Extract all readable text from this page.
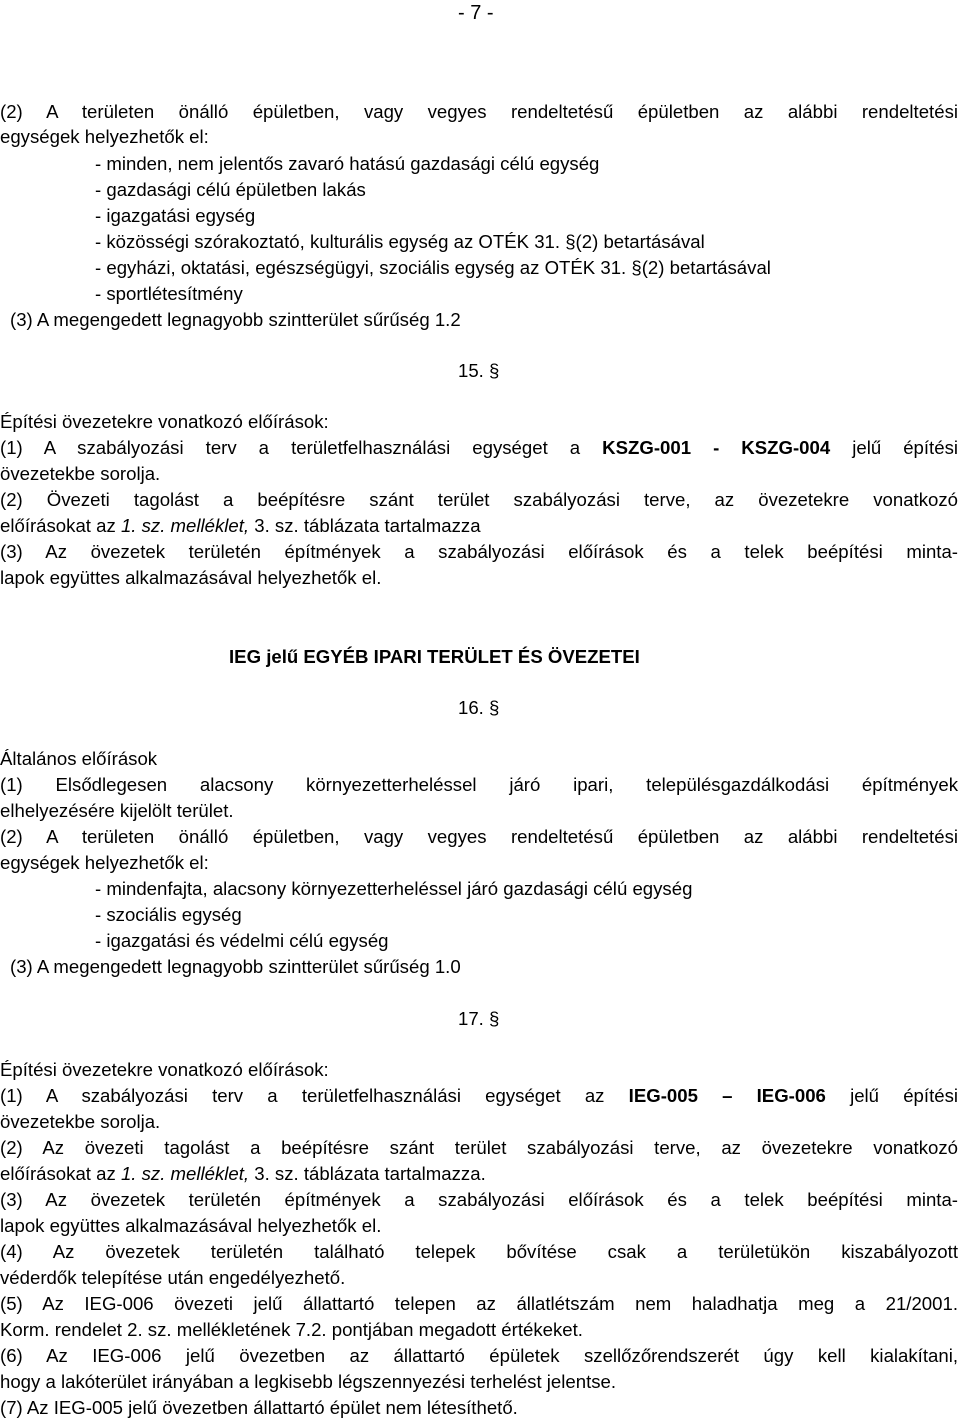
- 7 -
(2) A területen önálló épületben, vagy vegyes rendeltetésű épületben az alábbi rendeltetési
egységek helyezhetők el:
- minden, nem jelentős zavaró hatású gazdasági célú egység
- gazdasági célú épületben lakás
- igazgatási egység
- közösségi szórakoztató, kulturális egység az OTÉK 31. §(2) betartásával
- egyházi, oktatási, egészségügyi, szociális egység az OTÉK 31. §(2) betartásával
- sportlétesítmény
(3) A megengedett legnagyobb szintterület sűrűség 1.2
15. §
Építési övezetekre vonatkozó előírások:
(1) A szabályozási terv a területfelhasználási egységet a KSZG-001 - KSZG-004 jelű építési
övezetekbe sorolja.
(2) Övezeti tagolást a beépítésre szánt terület szabályozási terve, az övezetekre vonatkozó
előírásokat az 1. sz. melléklet, 3. sz. táblázata tartalmazza
(3) Az övezetek területén építmények a szabályozási előírások és a telek beépítési minta-
lapok együttes alkalmazásával helyezhetők el.
IEG jelű EGYÉB IPARI TERÜLET ÉS ÖVEZETEI
16. §
Általános előírások
(1) Elsődlegesen alacsony környezetterheléssel járó ipari, településgazdálkodási építmények
elhelyezésére kijelölt terület.
(2) A területen önálló épületben, vagy vegyes rendeltetésű épületben az alábbi rendeltetési
egységek helyezhetők el:
- mindenfajta, alacsony környezetterheléssel járó gazdasági célú egység
- szociális egység
- igazgatási és védelmi célú egység
(3) A megengedett legnagyobb szintterület sűrűség 1.0
17. §
Építési övezetekre vonatkozó előírások:
(1) A szabályozási terv a területfelhasználási egységet az IEG-005 – IEG-006 jelű építési
övezetekbe sorolja.
(2) Az övezeti tagolást a beépítésre szánt terület szabályozási terve, az övezetekre vonatkozó
előírásokat az 1. sz. melléklet, 3. sz. táblázata tartalmazza.
(3) Az övezetek területén építmények a szabályozási előírások és a telek beépítési minta-
lapok együttes alkalmazásával helyezhetők el.
(4) Az övezetek területén található telepek bővítése csak a területükön kiszabályozott
véderdők telepítése után engedélyezhető.
(5) Az IEG-006 övezeti jelű állattartó telepen az állatlétszám nem haladhatja meg a 21/2001.
Korm. rendelet 2. sz. mellékletének 7.2. pontjában megadott értékeket.
(6) Az IEG-006 jelű övezetben az állattartó épületek szellőzőrendszerét úgy kell kialakítani,
hogy a lakóterület irányában a legkisebb légszennyezési terhelést jelentse.
(7) Az IEG-005 jelű övezetben állattartó épület nem létesíthető.
